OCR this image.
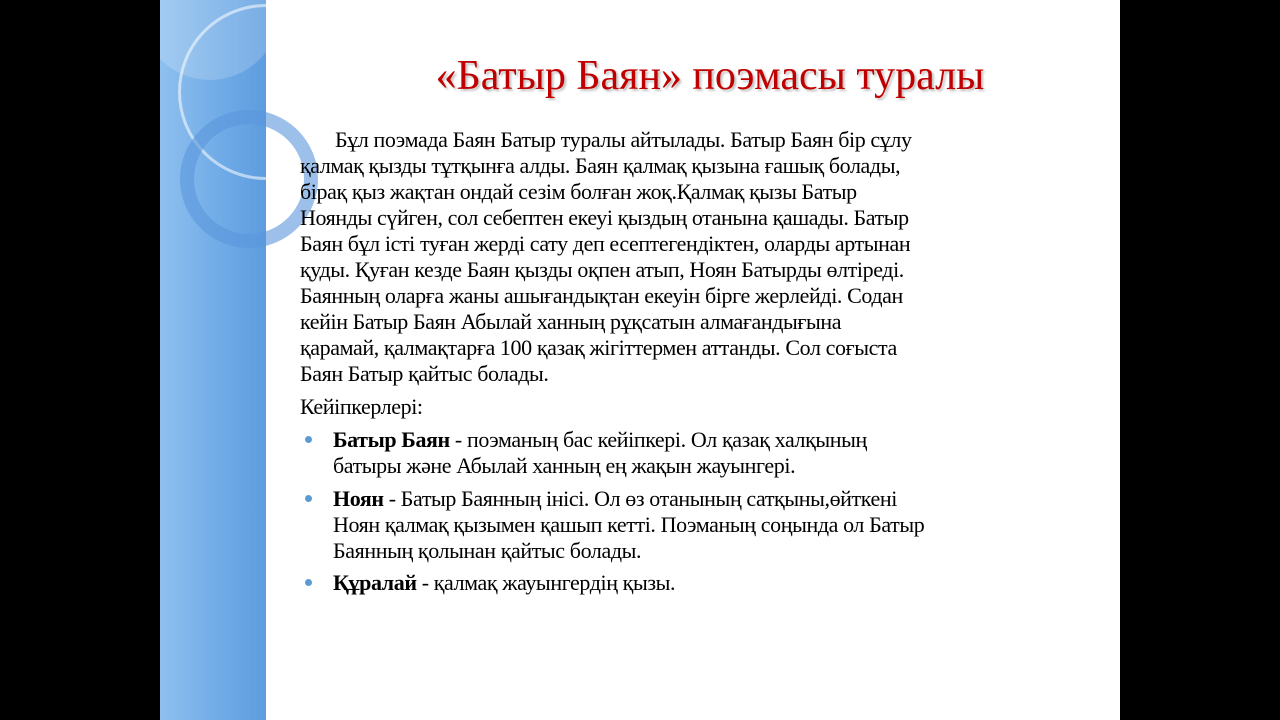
«Батыр Баян» поэмасы туралы
Бұл поэмада Баян Батыр туралы айтылады. Батыр Баян бір сұлу
қалмақ қызды тұтқынға алды. Баян қалмақ қызына ғашық болады,
бірақ қыз жақтан ондай сезім болған жоқ.Қалмақ қызы Батыр
Ноянды сүйген, сол себептен екеуі қыздың отанына қашады. Батыр
Баян бұл істі туған жерді сату деп есептегендіктен, оларды артынан
қуды. Қуған кезде Баян қызды оқпен атып, Ноян Батырды өлтіреді.
Баянның оларға жаны ашығандықтан екеуін бірге жерлейді. Содан
кейін Батыр Баян Абылай ханның рұқсатын алмағандығына
қарамай, қалмақтарға 100 қазақ жігіттермен аттанды. Сол соғыста
Баян Батыр қайтыс болады.
Кейіпкерлері:
Батыр Баян - поэманың бас кейіпкері. Ол қазақ халқының
батыры және Абылай ханның ең жақын жауынгері.
Ноян - Батыр Баянның інісі. Ол өз отанының сатқыны,өйткені
Ноян қалмақ қызымен қашып кетті. Поэманың соңында ол Батыр
Баянның қолынан қайтыс болады.
Құралай - қалмақ жауынгердің қызы.
